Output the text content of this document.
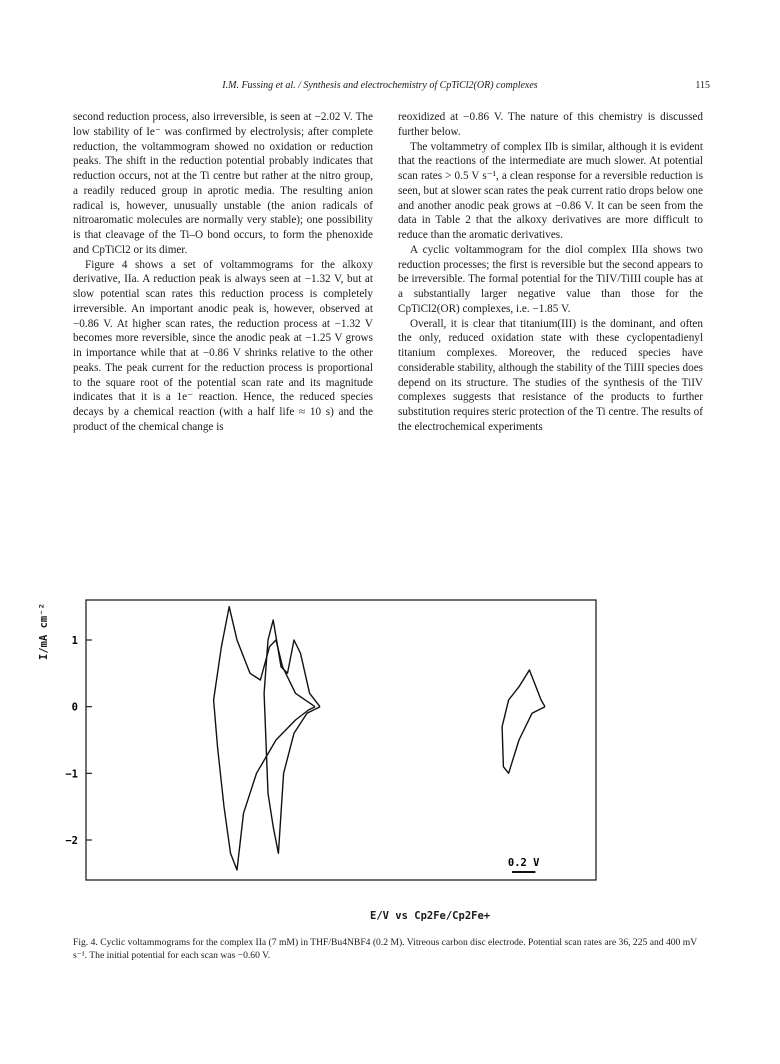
I.M. Fussing et al. / Synthesis and electrochemistry of CpTiCl2(OR) complexes	115

second reduction process, also irreversible, is seen at −2.02 V. The low stability of Ie⁻ was confirmed by electrolysis; after complete reduction, the voltammogram showed no oxidation or reduction peaks. The shift in the reduction potential probably indicates that reduction occurs, not at the Ti centre but rather at the nitro group, a readily reduced group in aprotic media. The resulting anion radical is, however, unusually unstable (the anion radicals of nitroaromatic molecules are normally very stable); one possibility is that cleavage of the Ti–O bond occurs, to form the phenoxide and CpTiCl2 or its dimer.

Figure 4 shows a set of voltammograms for the alkoxy derivative, IIa. A reduction peak is always seen at −1.32 V, but at slow potential scan rates this reduction process is completely irreversible. An important anodic peak is, however, observed at −0.86 V. At higher scan rates, the reduction process at −1.32 V becomes more reversible, since the anodic peak at −1.25 V grows in importance while that at −0.86 V shrinks relative to the other peaks. The peak current for the reduction process is proportional to the square root of the potential scan rate and its magnitude indicates that it is a 1e⁻ reaction. Hence, the reduced species decays by a chemical reaction (with a half life ≈ 10 s) and the product of the chemical change is

reoxidized at −0.86 V. The nature of this chemistry is discussed further below.

The voltammetry of complex IIb is similar, although it is evident that the reactions of the intermediate are much slower. At potential scan rates > 0.5 V s⁻¹, a clean response for a reversible reduction is seen, but at slower scan rates the peak current ratio drops below one and another anodic peak grows at −0.86 V. It can be seen from the data in Table 2 that the alkoxy derivatives are more difficult to reduce than the aromatic derivatives.

A cyclic voltammogram for the diol complex IIIa shows two reduction processes; the first is reversible but the second appears to be irreversible. The formal potential for the TiIV/TiIII couple has at a substantially larger negative value than those for the CpTiCl2(OR) complexes, i.e. −1.85 V.

Overall, it is clear that titanium(III) is the dominant, and often the only, reduced oxidation state with these cyclopentadienyl titanium complexes. Moreover, the reduced species have considerable stability, although the stability of the TiIII species does depend on its structure. The studies of the synthesis of the TiIV complexes suggests that resistance of the products to further substitution requires steric protection of the Ti centre. The results of the electrochemical experiments

1
0
−1
−2
0.2 V
I/mA cm⁻²
E/V vs Cp2Fe/Cp2Fe+
Fig. 4. Cyclic voltammograms for the complex IIa (7 mM) in THF/Bu4NBF4 (0.2 M). Vitreous carbon disc electrode. Potential scan rates are 36, 225 and 400 mV s⁻¹. The initial potential for each scan was −0.60 V.
